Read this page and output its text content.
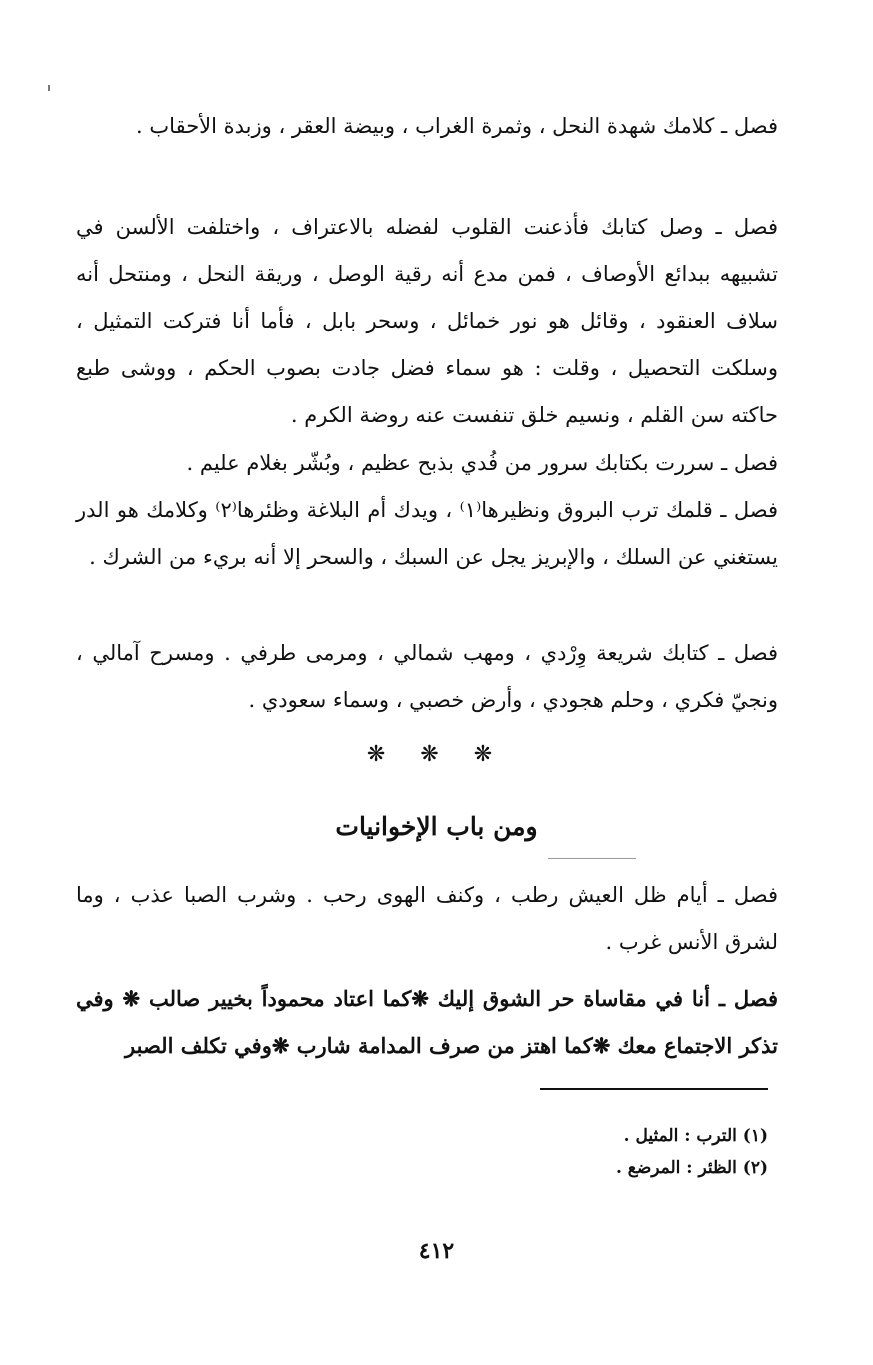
فصل ـ كلامك شهدة النحل ، وثمرة الغراب ، وبيضة العقر ، وزبدة الأحقاب .

فصل ـ وصل كتابك فأذعنت القلوب لفضله بالاعتراف ، واختلفت الألسن في تشبيهه ببدائع الأوصاف ، فمن مدع أنه رقية الوصل ، وريقة النحل ، ومنتحل أنه سلاف العنقود ، وقائل هو نور خمائل ، وسحر بابل ، فأما أنا فتركت التمثيل ، وسلكت التحصيل ، وقلت : هو سماء فضل جادت بصوب الحكم ، ووشى طبع حاكته سن القلم ، ونسيم خلق تنفست عنه روضة الكرم .

فصل ـ سررت بكتابك سرور من فُدي بذبح عظيم ، وبُشّر بغلام عليم .

فصل ـ قلمك ترب البروق ونظيرها⁽١⁾ ، ويدك أم البلاغة وظئرها⁽٢⁾ وكلامك هو الدر يستغني عن السلك ، والإبريز يجل عن السبك ، والسحر إلا أنه بريء من الشرك .

فصل ـ كتابك شريعة وِرْدي ، ومهب شمالي ، ومرمى طرفي . ومسرح آمالي ، ونجيّ فكري ، وحلم هجودي ، وأرض خصبي ، وسماء سعودي .

❋ ❋ ❋
ومن باب الإخوانيات

فصل ـ أيام ظل العيش رطب ، وكنف الهوى رحب . وشرب الصبا عذب ، وما لشرق الأنس غرب .

فصل ـ أنا في مقاساة حر الشوق إليك ❋كما اعتاد محموداً بخيير صالب ❋ وفي تذكر الاجتماع معك ❋كما اهتز من صرف المدامة شارب ❋وفي تكلف الصبر

(١) الترب : المثيل .
(٢) الظئر : المرضع .
٤١٢
